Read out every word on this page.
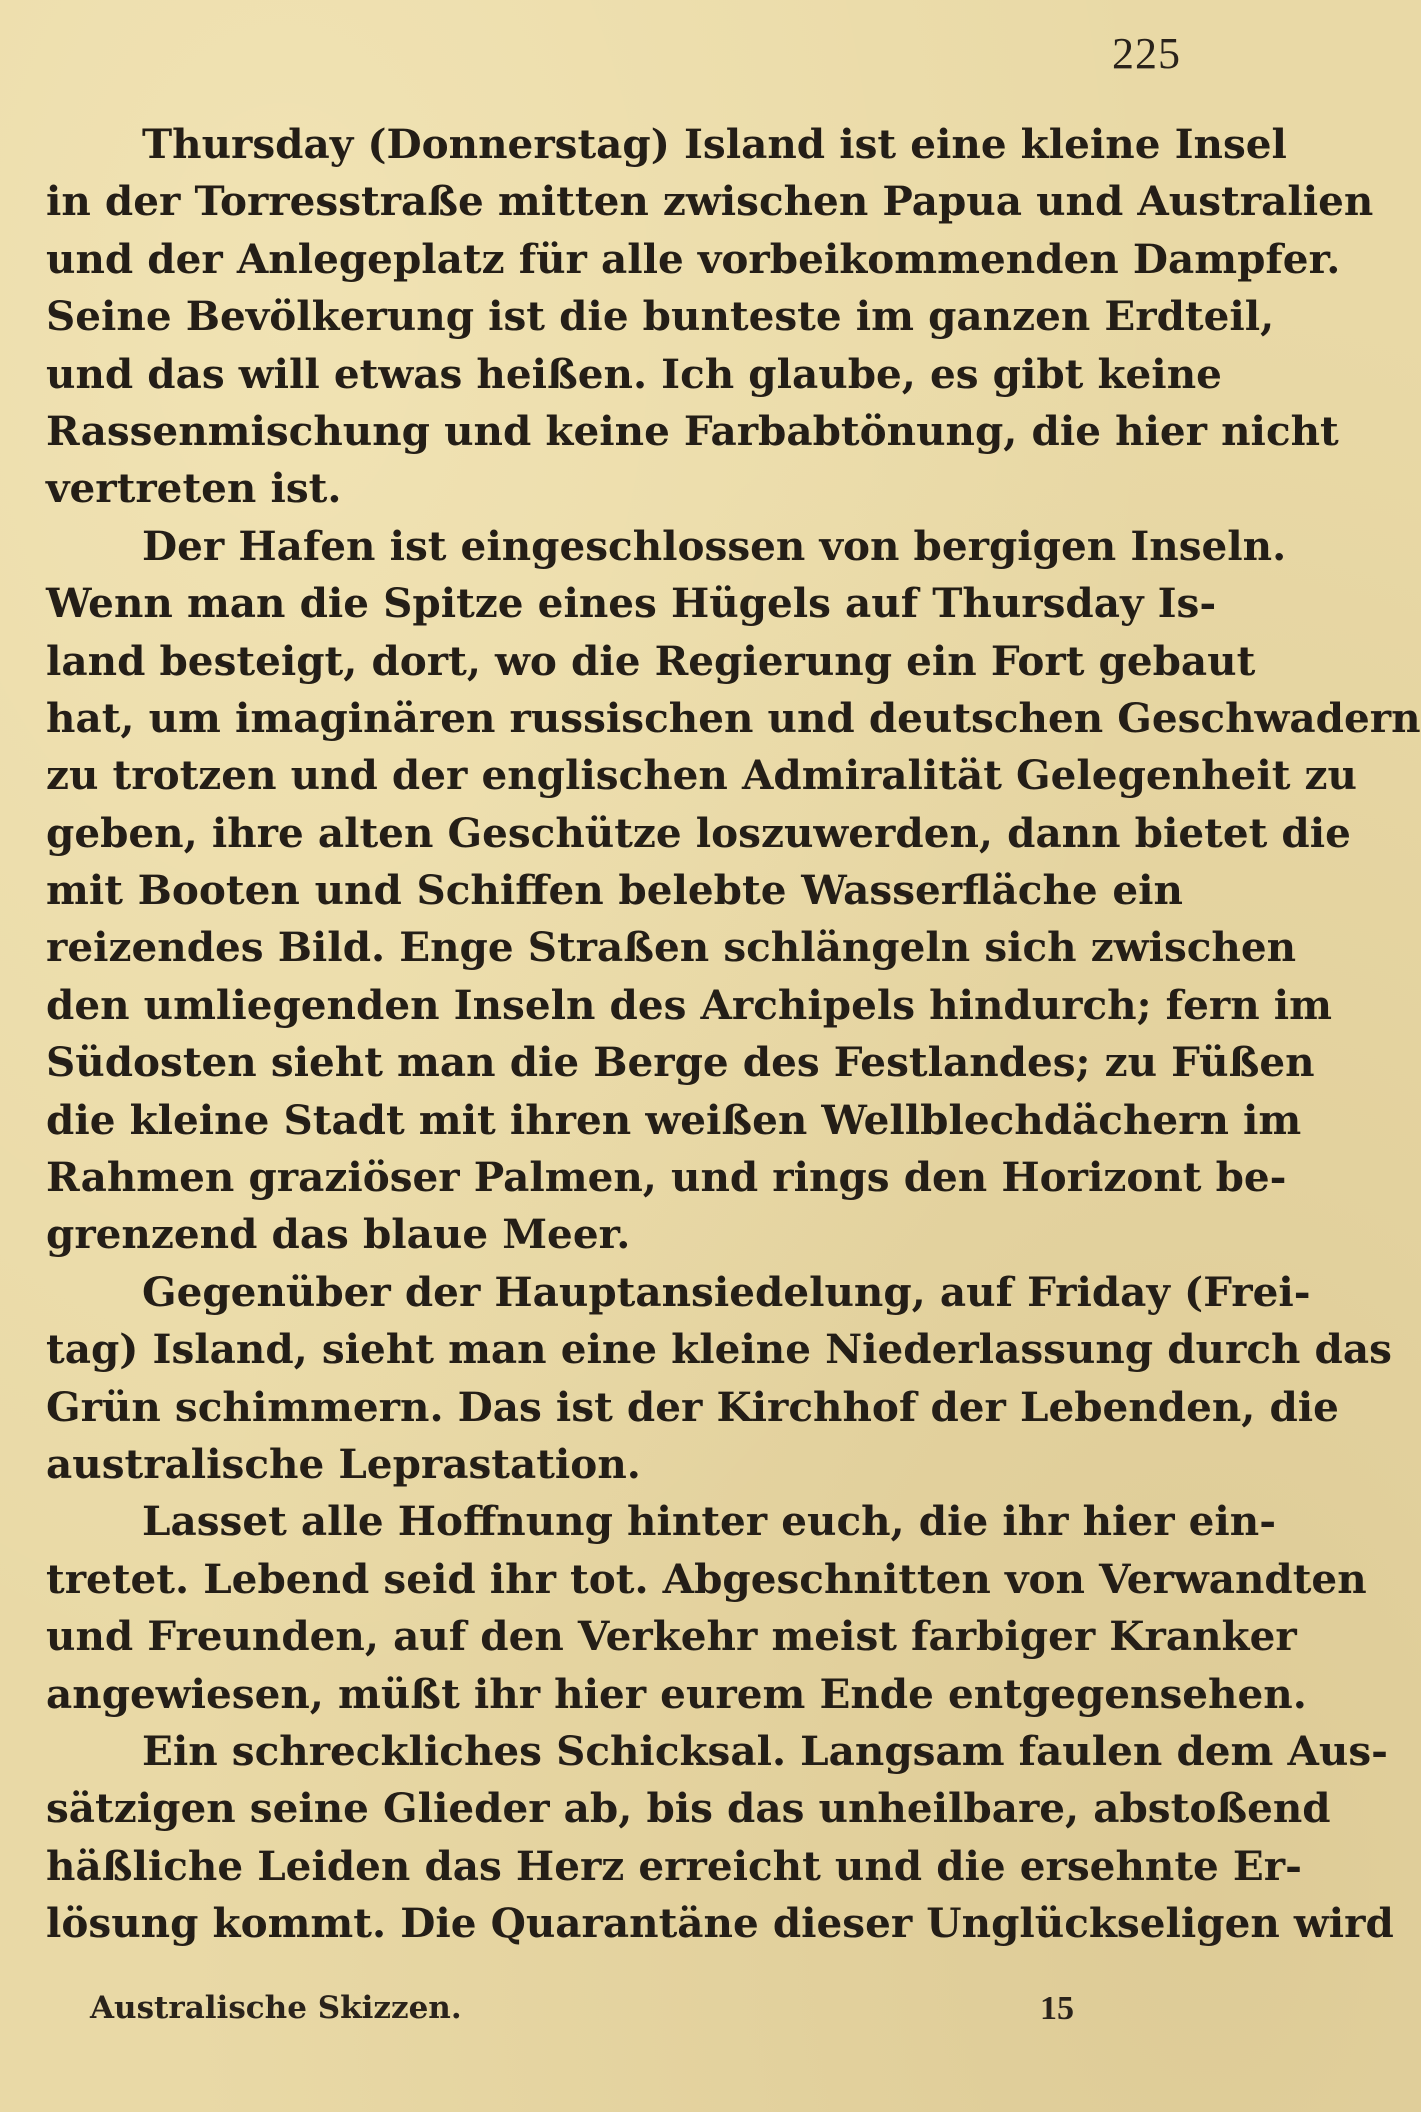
225
Thursday (Donnerstag) Island ist eine kleine Insel
in der Torresstraße mitten zwischen Papua und Australien
und der Anlegeplatz für alle vorbeikommenden Dampfer.
Seine Bevölkerung ist die bunteste im ganzen Erdteil,
und das will etwas heißen. Ich glaube, es gibt keine
Rassenmischung und keine Farbabtönung, die hier nicht
vertreten ist.
Der Hafen ist eingeschlossen von bergigen Inseln.
Wenn man die Spitze eines Hügels auf Thursday Is-
land besteigt, dort, wo die Regierung ein Fort gebaut
hat, um imaginären russischen und deutschen Geschwadern
zu trotzen und der englischen Admiralität Gelegenheit zu
geben, ihre alten Geschütze loszuwerden, dann bietet die
mit Booten und Schiffen belebte Wasserfläche ein
reizendes Bild. Enge Straßen schlängeln sich zwischen
den umliegenden Inseln des Archipels hindurch; fern im
Südosten sieht man die Berge des Festlandes; zu Füßen
die kleine Stadt mit ihren weißen Wellblechdächern im
Rahmen graziöser Palmen, und rings den Horizont be-
grenzend das blaue Meer.
Gegenüber der Hauptansiedelung, auf Friday (Frei-
tag) Island, sieht man eine kleine Niederlassung durch das
Grün schimmern. Das ist der Kirchhof der Lebenden, die
australische Leprastation.
Lasset alle Hoffnung hinter euch, die ihr hier ein-
tretet. Lebend seid ihr tot. Abgeschnitten von Verwandten
und Freunden, auf den Verkehr meist farbiger Kranker
angewiesen, müßt ihr hier eurem Ende entgegensehen.
Ein schreckliches Schicksal. Langsam faulen dem Aus-
sätzigen seine Glieder ab, bis das unheilbare, abstoßend
häßliche Leiden das Herz erreicht und die ersehnte Er-
lösung kommt. Die Quarantäne dieser Unglückseligen wird
Australische Skizzen.	15
